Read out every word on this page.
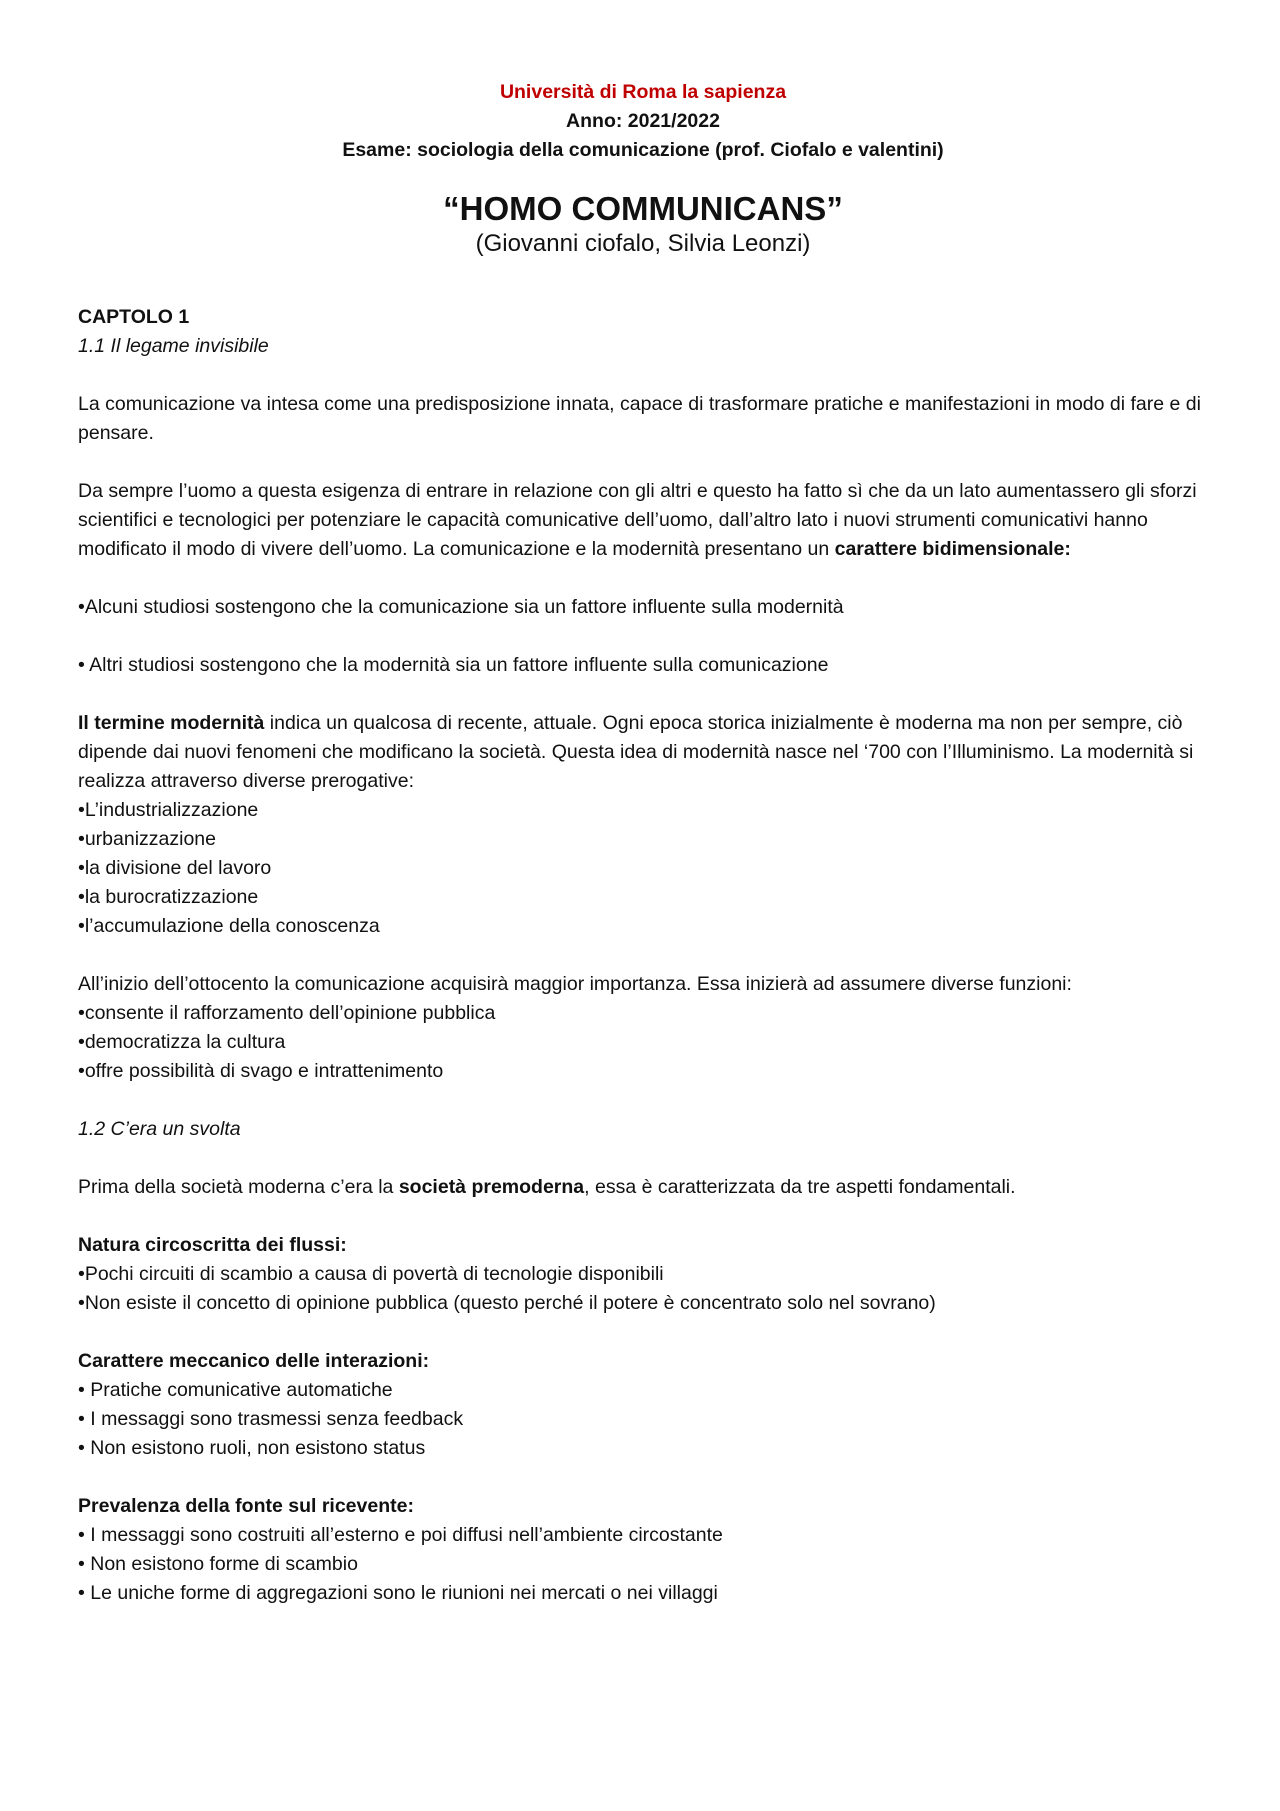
Università di Roma la sapienza
Anno: 2021/2022
Esame: sociologia della comunicazione (prof. Ciofalo e valentini)
“HOMO COMMUNICANS”
(Giovanni ciofalo, Silvia Leonzi)
CAPTOLO 1
1.1 Il legame invisibile

La comunicazione va intesa come una predisposizione innata, capace di trasformare pratiche e manifestazioni in modo di fare e di pensare.

Da sempre l’uomo a questa esigenza di entrare in relazione con gli altri e questo ha fatto sì che da un lato aumentassero gli sforzi scientifici e tecnologici per potenziare le capacità comunicative dell’uomo, dall’altro lato i nuovi strumenti comunicativi hanno modificato il modo di vivere dell’uomo. La comunicazione e la modernità presentano un carattere bidimensionale:

•Alcuni studiosi sostengono che la comunicazione sia un fattore influente sulla modernità

• Altri studiosi sostengono che la modernità sia un fattore influente sulla comunicazione

Il termine modernità indica un qualcosa di recente, attuale. Ogni epoca storica inizialmente è moderna ma non per sempre, ciò dipende dai nuovi fenomeni che modificano la società. Questa idea di modernità nasce nel ‘700 con l’Illuminismo. La modernità si realizza attraverso diverse prerogative:

•L’industrializzazione
•urbanizzazione
•la divisione del lavoro
•la burocratizzazione
•l’accumulazione della conoscenza

All’inizio dell’ottocento la comunicazione acquisirà maggior importanza. Essa inizierà ad assumere diverse funzioni:

•consente il rafforzamento dell’opinione pubblica
•democratizza la cultura
•offre possibilità di svago e intrattenimento
1.2 C’era un svolta

Prima della società moderna c’era la società premoderna, essa è caratterizzata da tre aspetti fondamentali.

Natura circoscritta dei flussi:
•Pochi circuiti di scambio a causa di povertà di tecnologie disponibili
•Non esiste il concetto di opinione pubblica (questo perché il potere è concentrato solo nel sovrano)
Carattere meccanico delle interazioni:
• Pratiche comunicative automatiche
• I messaggi sono trasmessi senza feedback
• Non esistono ruoli, non esistono status
Prevalenza della fonte sul ricevente:
• I messaggi sono costruiti all’esterno e poi diffusi nell’ambiente circostante
• Non esistono forme di scambio
• Le uniche forme di aggregazioni sono le riunioni nei mercati o nei villaggi
